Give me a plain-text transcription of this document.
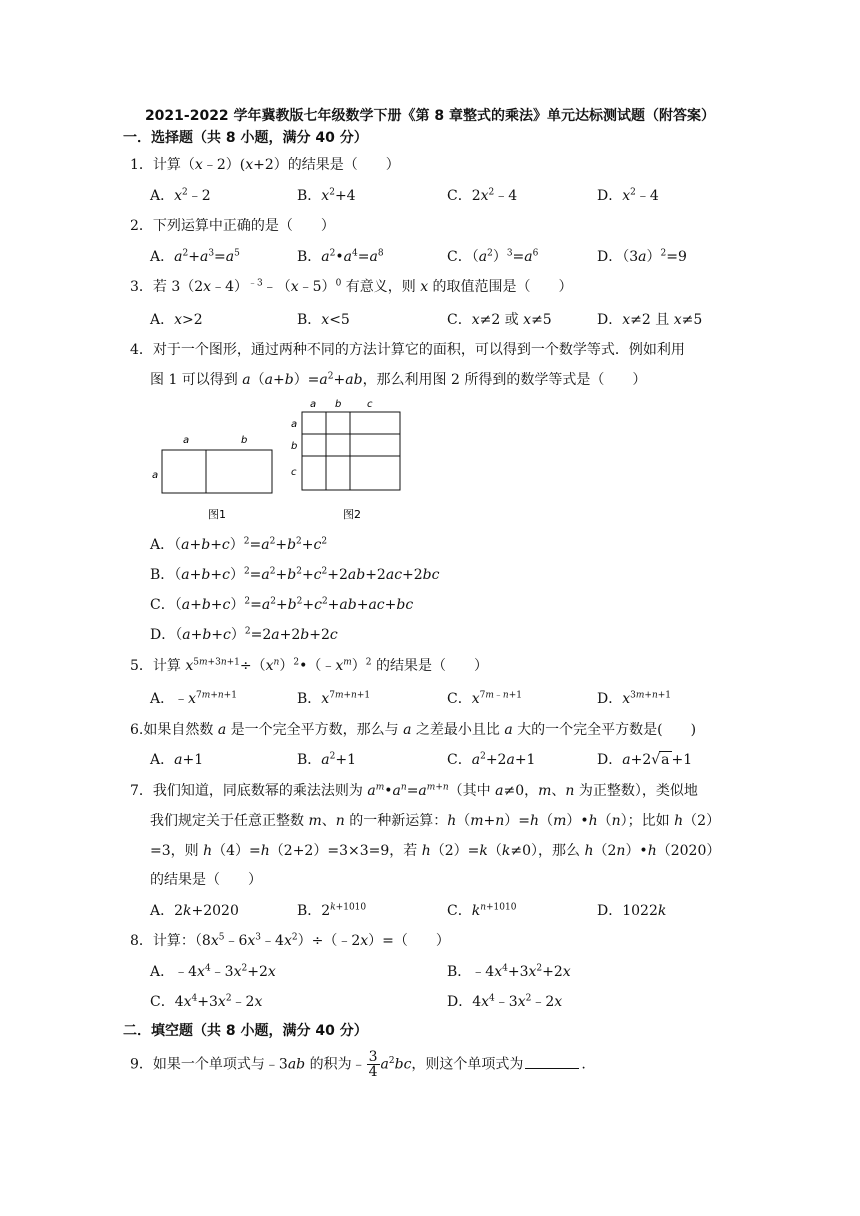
2021-2022 学年冀教版七年级数学下册《第 8 章整式的乘法》单元达标测试题（附答案）
一．选择题（共 8 小题，满分 40 分）
1．计算（x﹣2）(x+2）的结果是（　　）
A．$x^2﹣2$	B．$x^2+4$	C．$2x^2﹣4$	D．$x^2﹣4$
2．下列运算中正确的是（　　）
A．$a^2+a^3=a^5$	B．$a^2•a^4=a^8$	C．$(a^2)^3=a^6$	D．$(3a)^2=9$
3．若 3（2x﹣4）$^{﹣3}$﹣（x﹣5）$^0$ 有意义，则 x 的取值范围是（　　）
A．x>2	B．x<5	C．x≠2 或 x≠5	D．x≠2 且 x≠5
4．对于一个图形，通过两种不同的方法计算它的面积，可以得到一个数学等式．例如利用
图 1 可以得到 $a(a+b)=a^2+ab$，那么利用图 2 所得到的数学等式是（　　）
a	b
a
图1
a b	c
a
b
c
图2
A．$(a+b+c)^2=a^2+b^2+c^2$
B．$(a+b+c)^2=a^2+b^2+c^2+2ab+2ac+2bc$
C．$(a+b+c)^2=a^2+b^2+c^2+ab+ac+bc$
D．$(a+b+c)^2=2a+2b+2c$
5．计算 $x^{5m+3n+1}\div(x^n)^2•(﹣x^m)^2$ 的结果是（　　）
A．$﹣x^{7m+n+1}$	B．$x^{7m+n+1}$	C．$x^{7m﹣n+1}$	D．$x^{3m+n+1}$
6.如果自然数 a 是一个完全平方数，那么与 a 之差最小且比 a 大的一个完全平方数是(　　)
A．a+1	B．$a^2+1$	C．$a^2+2a+1$	D．a+2√a +1
7．我们知道，同底数幂的乘法法则为 $a^m•a^n=a^{m+n}$（其中 a≠0，m、n 为正整数），类似地
我们规定关于任意正整数 m、n 的一种新运算：h（m+n）=h（m）•h（n）；比如 h（2）
=3，则 h（4）=h（2+2）=3×3=9，若 h（2）=k（k≠0），那么 h（2n）•h（2020）
的结果是（　　）
A．2k+2020	B．$2^{k+1010}$	C．$k^{n+1010}$	D．1022k
8．计算：$(8x^5﹣6x^3﹣4x^2)\div(﹣2x)=$（　　）
A．$﹣4x^4﹣3x^2+2x$	B．$﹣4x^4+3x^2+2x$
C．$4x^4+3x^2﹣2x$	D．$4x^4﹣3x^2﹣2x$
二．填空题（共 8 小题，满分 40 分）
9．如果一个单项式与﹣3ab 的积为﹣ $\frac{3}{4} a^2bc$，则这个单项式为	.
